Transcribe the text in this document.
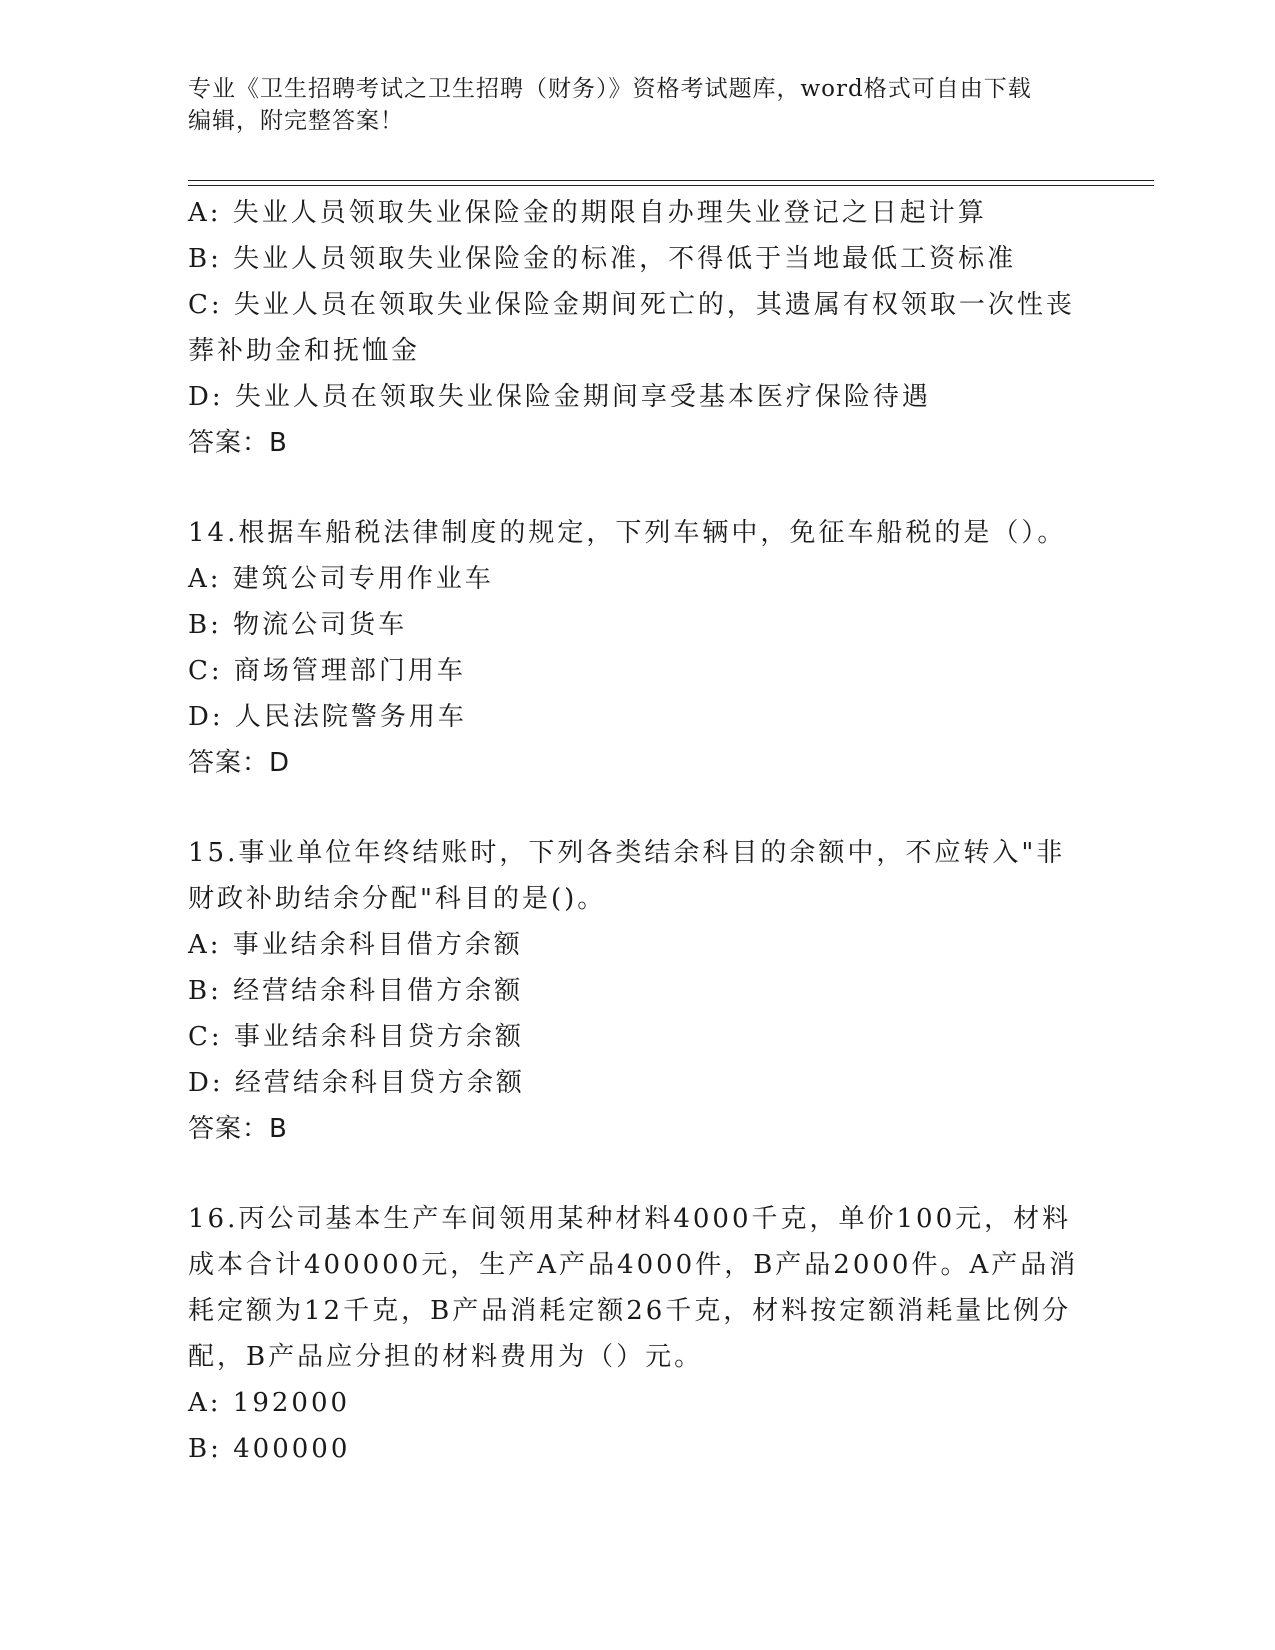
专业《卫生招聘考试之卫生招聘（财务）》资格考试题库，word格式可自由下载
编辑，附完整答案！
A: 失业人员领取失业保险金的期限自办理失业登记之日起计算
B: 失业人员领取失业保险金的标准，不得低于当地最低工资标准
C: 失业人员在领取失业保险金期间死亡的，其遗属有权领取一次性丧
葬补助金和抚恤金
D: 失业人员在领取失业保险金期间享受基本医疗保险待遇
答案：B
14.根据车船税法律制度的规定，下列车辆中，免征车船税的是（）。
A: 建筑公司专用作业车
B: 物流公司货车
C: 商场管理部门用车
D: 人民法院警务用车
答案：D
15.事业单位年终结账时，下列各类结余科目的余额中，不应转入"非
财政补助结余分配"科目的是()。
A: 事业结余科目借方余额
B: 经营结余科目借方余额
C: 事业结余科目贷方余额
D: 经营结余科目贷方余额
答案：B
16.丙公司基本生产车间领用某种材料4000千克，单价100元，材料
成本合计400000元，生产A产品4000件，B产品2000件。A产品消
耗定额为12千克，B产品消耗定额26千克，材料按定额消耗量比例分
配，B产品应分担的材料费用为（）元。
A: 192000
B: 400000
